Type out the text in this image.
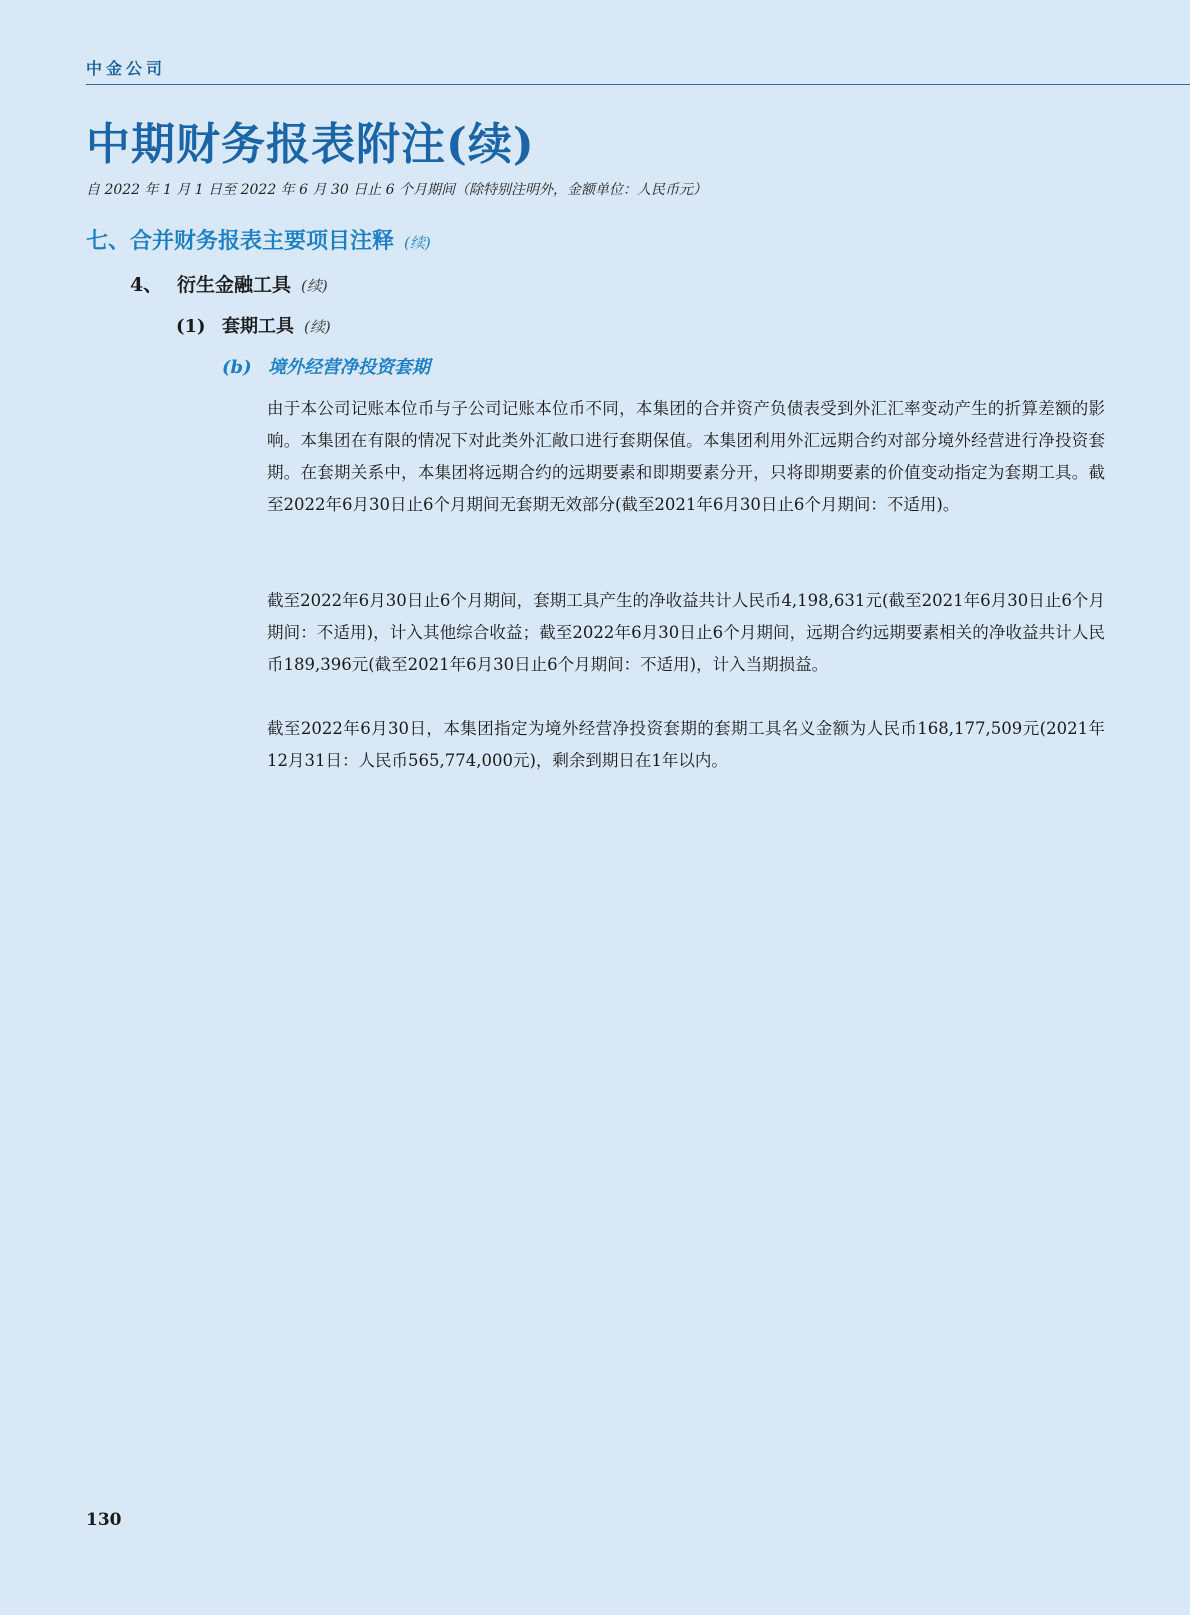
中金公司
中期财务报表附注(续)
自 2022 年 1 月 1 日至 2022 年 6 月 30 日止 6 个月期间（除特别注明外，金额单位：人民币元）
七、合并财务报表主要项目注释 (续)
4、 衍生金融工具 (续)
(1) 套期工具 (续)
(b) 境外经营净投资套期

由于本公司记账本位币与子公司记账本位币不同，本集团的合并资产负债表受到外汇汇率变动产生的折算差额的影响。本集团在有限的情况下对此类外汇敞口进行套期保值。本集团利用外汇远期合约对部分境外经营进行净投资套期。在套期关系中，本集团将远期合约的远期要素和即期要素分开，只将即期要素的价值变动指定为套期工具。截至2022年6月30日止6个月期间无套期无效部分(截至2021年6月30日止6个月期间：不适用)。

截至2022年6月30日止6个月期间，套期工具产生的净收益共计人民币4,198,631元(截至2021年6月30日止6个月期间：不适用)，计入其他综合收益；截至2022年6月30日止6个月期间，远期合约远期要素相关的净收益共计人民币189,396元(截至2021年6月30日止6个月期间：不适用)，计入当期损益。

截至2022年6月30日，本集团指定为境外经营净投资套期的套期工具名义金额为人民币168,177,509元(2021年12月31日：人民币565,774,000元)，剩余到期日在1年以内。

130
